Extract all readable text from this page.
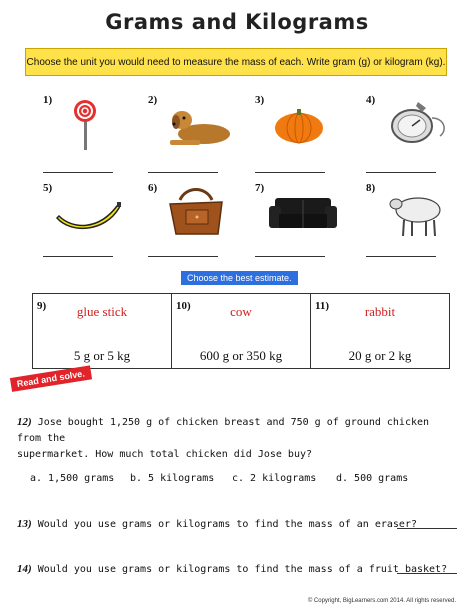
Grams and Kilograms
Choose the unit you would need to measure the mass of each. Write gram (g) or kilogram (kg).
1)	2)	3)	4)
5)	6)	7)	8)
Choose the best estimate.
9)	glue stick
5 g or 5 kg
10)	cow
600 g or 350 kg
11)	rabbit
20 g or 2 kg
Read and solve.
12) Jose bought 1,250 g of chicken breast and 750 g of ground chicken from the
supermarket. How much total chicken did Jose buy?
a. 1,500 grams	b. 5 kilograms	c. 2 kilograms	d. 500 grams
13) Would you use grams or kilograms to find the mass of an eraser?
14) Would you use grams or kilograms to find the mass of a fruit basket?
© Copyright, BigLearners.com 2014. All rights reserved.
